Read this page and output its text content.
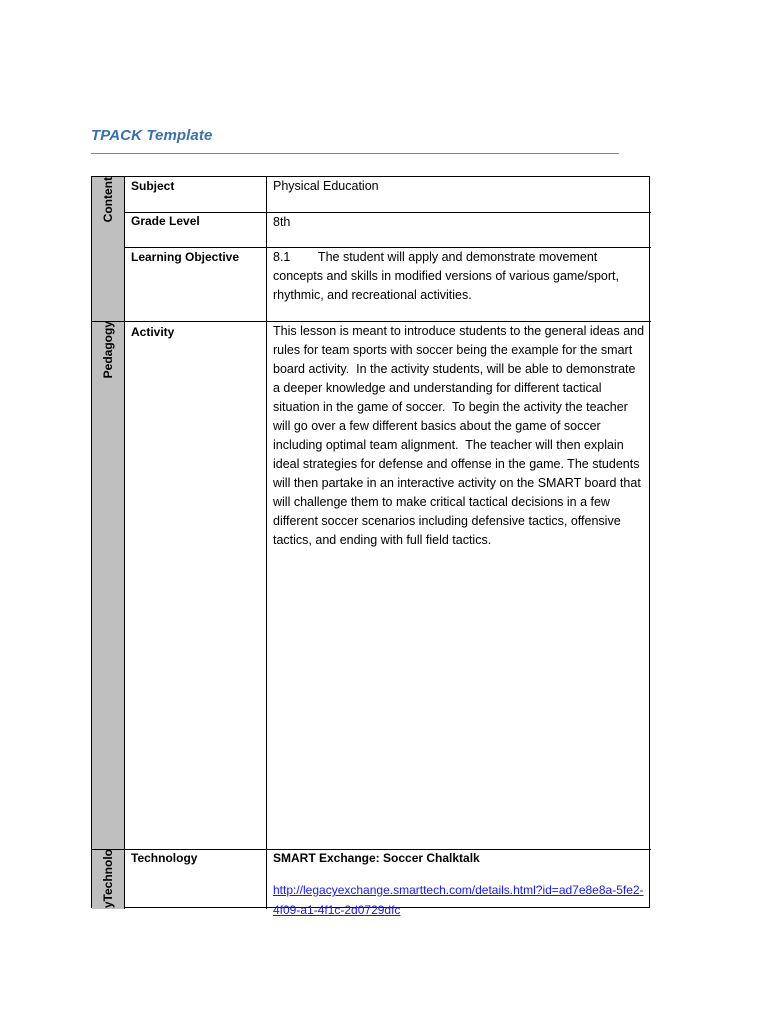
TPACK Template
Content
Pedagogy
yTechnolo
Subject	Physical Education
Grade Level	8th
Learning Objective	8.1        The student will apply and demonstrate movement concepts and skills in modified versions of various game/sport, rhythmic, and recreational activities.
Activity	This lesson is meant to introduce students to the general ideas and rules for team sports with soccer being the example for the smart board activity.  In the activity students, will be able to demonstrate a deeper knowledge and understanding for different tactical situation in the game of soccer.  To begin the activity the teacher will go over a few different basics about the game of soccer including optimal team alignment.  The teacher will then explain ideal strategies for defense and offense in the game. The students will then partake in an interactive activity on the SMART board that will challenge them to make critical tactical decisions in a few different soccer scenarios including defensive tactics, offensive tactics, and ending with full field tactics.
Technology	SMART Exchange: Soccer Chalktalk
http://legacyexchange.smarttech.com/details.html?id=ad7e8e8a-5fe2-4f09-a1-4f1c-2d0729dfc
